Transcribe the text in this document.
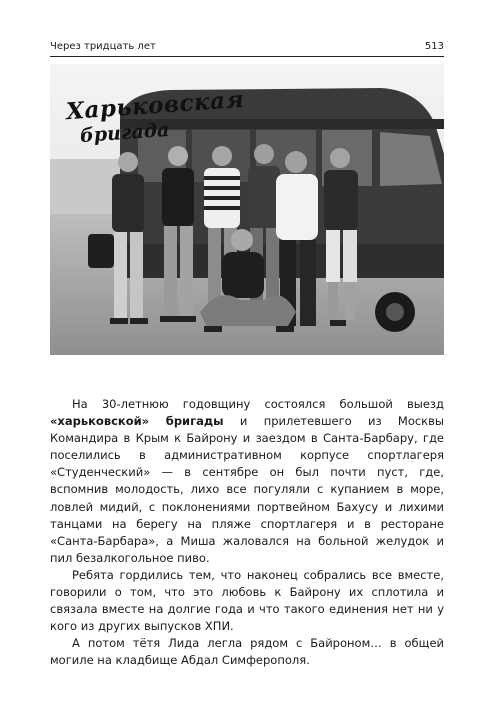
Через тридцать лет	513
Харьковская
бригада

На 30-летнюю годовщину состоялся большой выезд «харьковской» бригады и прилетевшего из Москвы Командира в Крым к Байрону и заездом в Санта-Барбару, где поселились в административном корпусе спортлагеря «Студенческий» — в сентябре он был почти пуст, где, вспомнив молодость, лихо все погуляли с купанием в море, ловлей мидий, с поклонениями портвейном Бахусу и лихими танцами на берегу на пляже спортлагеря и в ресторане «Санта-Барбара», а Миша жаловался на больной желудок и пил безалкогольное пиво.

Ребята гордились тем, что наконец собрались все вместе, говорили о том, что это любовь к Байрону их сплотила и связала вместе на долгие года и что такого единения нет ни у кого из других выпусков ХПИ.

А потом тётя Лида легла рядом с Байроном… в общей могиле на кладбище Абдал Симферополя.
